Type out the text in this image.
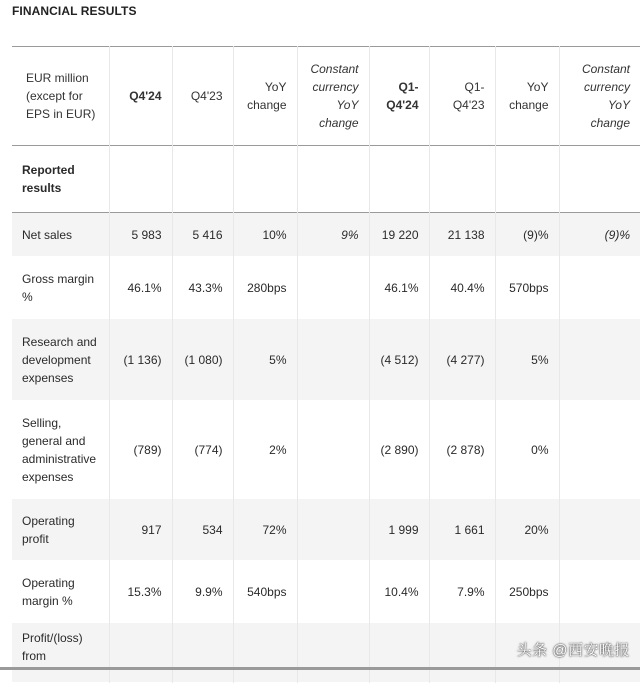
FINANCIAL RESULTS
EUR million (except for EPS in EUR)	Q4'24	Q4'23	YoY change	Constant currency YoY change	Q1-Q4'24	Q1-Q4'23	YoY change	Constant currency YoY change
Reported results								
Net sales	5 983	5 416	10%	9%	19 220	21 138	(9)%	(9)%
Gross margin %	46.1%	43.3%	280bps		46.1%	40.4%	570bps	
Research and development expenses	(1 136)	(1 080)	5%		(4 512)	(4 277)	5%	
Selling, general and administrative expenses	(789)	(774)	2%		(2 890)	(2 878)	0%	
Operating profit	917	534	72%		1 999	1 661	20%	
Operating margin %	15.3%	9.9%	540bps		10.4%	7.9%	250bps	
Profit/(loss) from									头条 @西安晚报
